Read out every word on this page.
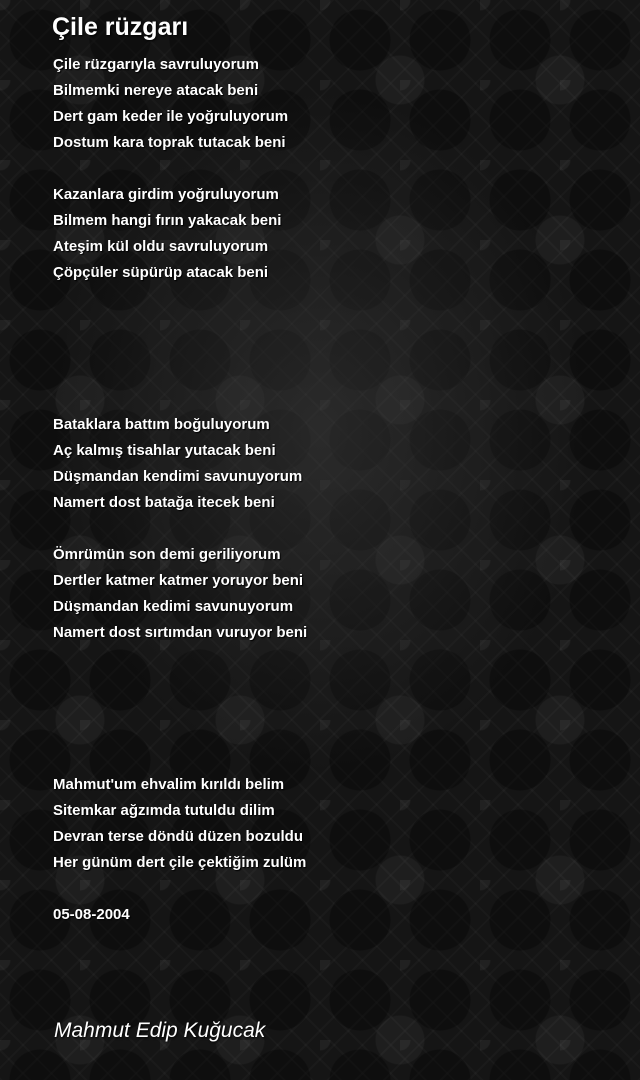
Çile rüzgarı
Çile rüzgarıyla savruluyorum
Bilmemki nereye atacak beni
Dert gam keder ile yoğruluyorum
Dostum kara toprak tutacak beni
Kazanlara girdim yoğruluyorum
Bilmem hangi fırın yakacak beni
Ateşim kül oldu savruluyorum
Çöpçüler süpürüp atacak beni
Bataklara battım boğuluyorum
Aç kalmış tisahlar yutacak beni
Düşmandan kendimi savunuyorum
Namert dost batağa itecek beni
Ömrümün son demi geriliyorum
Dertler katmer katmer yoruyor beni
Düşmandan kedimi savunuyorum
Namert dost sırtımdan vuruyor beni
Mahmut'um ehvalim kırıldı belim
Sitemkar ağzımda tutuldu dilim
Devran terse döndü düzen bozuldu
Her günüm dert çile çektiğim zulüm
05-08-2004
Mahmut Edip Kuğucak
